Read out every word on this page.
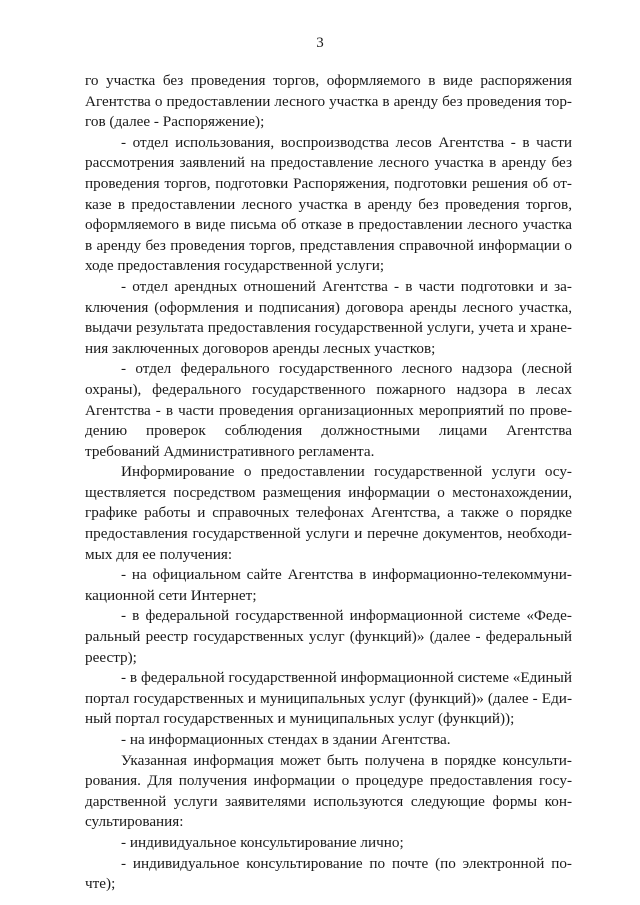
3

го участка без проведения торгов, оформляемого в виде распоряжения Агентства о предоставлении лесного участка в аренду без проведения тор-гов (далее - Распоряжение);

- отдел использования, воспроизводства лесов Агентства - в части рассмотрения заявлений на предоставление лесного участка в аренду без проведения торгов, подготовки Распоряжения, подготовки решения об от-казе в предоставлении лесного участка в аренду без проведения торгов, оформляемого в виде письма об отказе в предоставлении лесного участка в аренду без проведения торгов, представления справочной информации о ходе предоставления государственной услуги;

- отдел арендных отношений Агентства - в части подготовки и за-ключения (оформления и подписания) договора аренды лесного участка, выдачи результата предоставления государственной услуги, учета и хране-ния заключенных договоров аренды лесных участков;

- отдел федерального государственного лесного надзора (лесной охраны), федерального государственного пожарного надзора в лесах Агентства - в части проведения организационных мероприятий по прове-дению проверок соблюдения должностными лицами Агентства требований Административного регламента.

Информирование о предоставлении государственной услуги осу-ществляется посредством размещения информации о местонахождении, графике работы и справочных телефонах Агентства, а также о порядке предоставления государственной услуги и перечне документов, необходи-мых для ее получения:

- на официальном сайте Агентства в информационно-телекоммуни-кационной сети Интернет;

- в федеральной государственной информационной системе «Феде-ральный реестр государственных услуг (функций)» (далее - федеральный реестр);

- в федеральной государственной информационной системе «Единый портал государственных и муниципальных услуг (функций)» (далее - Еди-ный портал государственных и муниципальных услуг (функций));

- на информационных стендах в здании Агентства.

Указанная информация может быть получена в порядке консульти-рования. Для получения информации о процедуре предоставления госу-дарственной услуги заявителями используются следующие формы кон-сультирования:

- индивидуальное консультирование лично;

- индивидуальное консультирование по почте (по электронной по-чте);
